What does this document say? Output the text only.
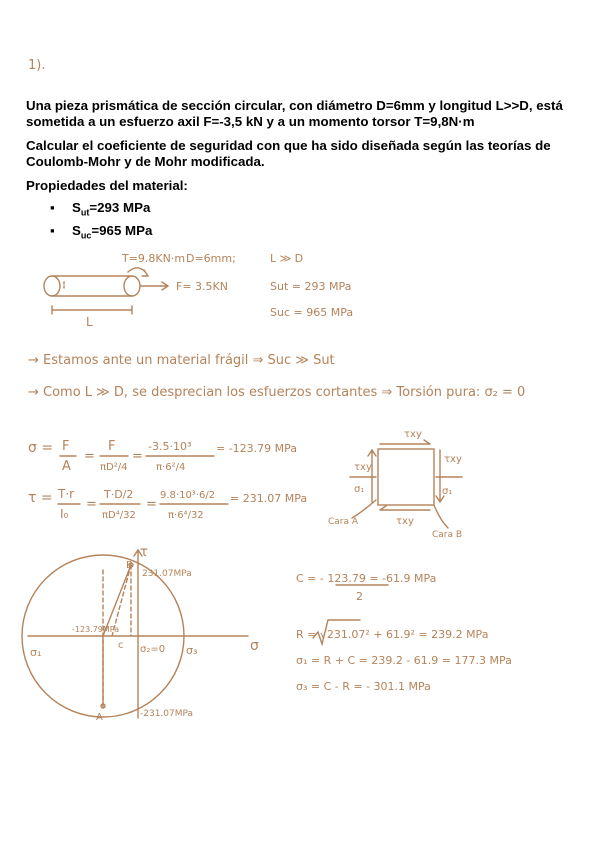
1).
Una pieza prismática de sección circular, con diámetro D=6mm y longitud L>>D, está sometida a un esfuerzo axil F=-3,5 kN y a un momento torsor T=9,8N·m
Calcular el coeficiente de seguridad con que ha sido diseñada según las teorías de Coulomb-Mohr y de Mohr modificada.
Propiedades del material:
▪ $S_{ut}=293$ MPa
▪ $S_{uc}=965$ MPa
T=9.8KN·m D=6mm;	L ≫ D
F= 3.5KN	Sut = 293 MPa
Suc = 965 MPa
L
→ Estamos ante un material frágil ⇒ Suc ≫ Sut
→ Como L ≫ D, se desprecian los esfuerzos cortantes ⇒ Torsión pura: σ₂ = 0
σ = F
A
=
F
πD²/4
=
-3.5·10³
π·6²/4
= -123.79 MPa
τ = T·r
I₀
=
T·D/2
πD⁴/32
=
9.8·10³·6/2
π·6⁴/32
= 231.07 MPa
τxy
τxy
τxy
τxy
σ₁	σ₁
Cara A
Cara B
τ
σ
B
231.07MPa
A	-231.07MPa
-123.79MPa
c
σ₁	σ₂=0 σ₃
C = - 123.79 = -61.9 MPa
2
R = √231.07² + 61.9² = 239.2 MPa
σ₁ = R + C = 239.2 - 61.9 = 177.3 MPa
σ₃ = C - R = - 301.1 MPa
